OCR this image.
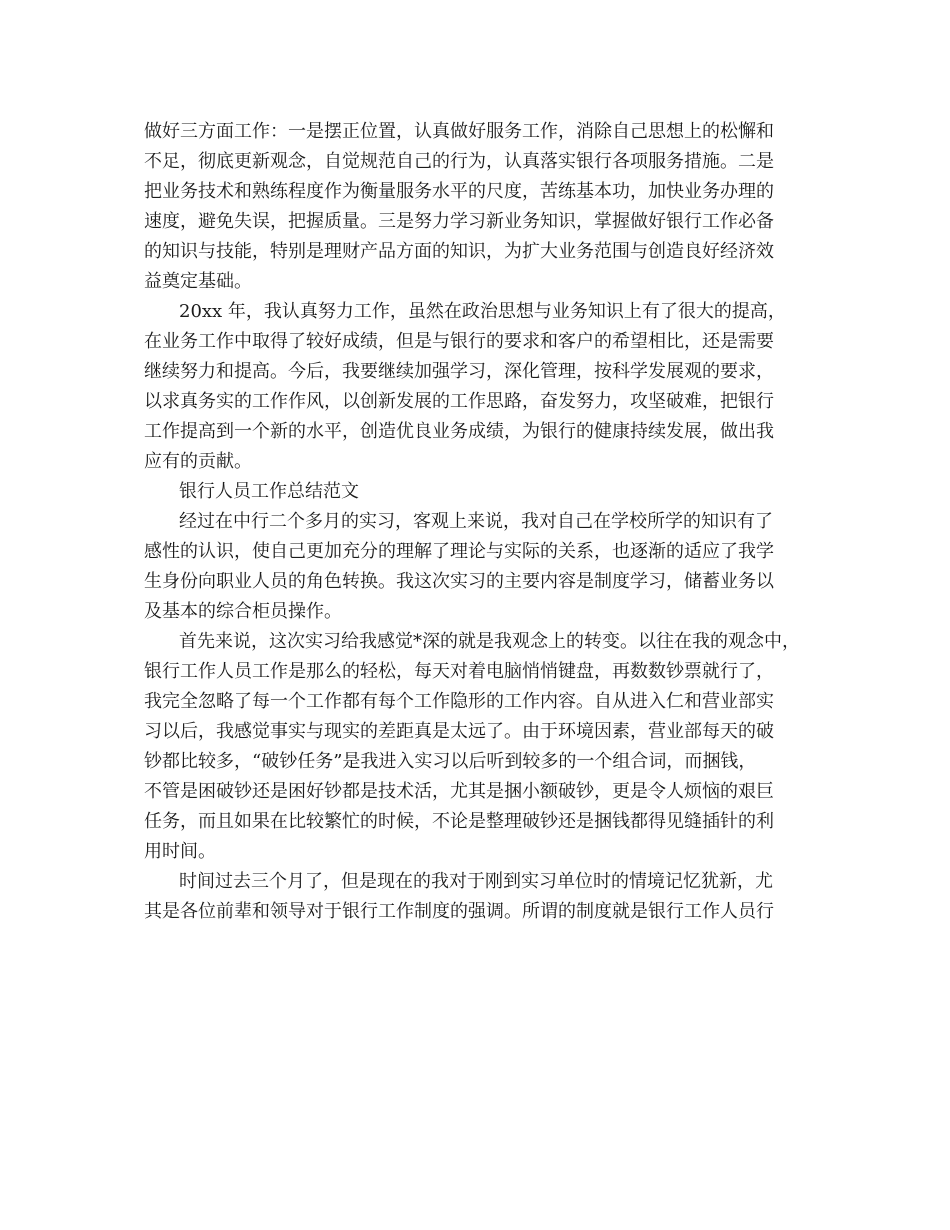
做好三方面工作：一是摆正位置，认真做好服务工作，消除自己思想上的松懈和
不足，彻底更新观念，自觉规范自己的行为，认真落实银行各项服务措施。二是
把业务技术和熟练程度作为衡量服务水平的尺度，苦练基本功，加快业务办理的
速度，避免失误，把握质量。三是努力学习新业务知识，掌握做好银行工作必备
的知识与技能，特别是理财产品方面的知识，为扩大业务范围与创造良好经济效
益奠定基础。
20xx 年，我认真努力工作，虽然在政治思想与业务知识上有了很大的提高，
在业务工作中取得了较好成绩，但是与银行的要求和客户的希望相比，还是需要
继续努力和提高。今后，我要继续加强学习，深化管理，按科学发展观的要求，
以求真务实的工作作风，以创新发展的工作思路，奋发努力，攻坚破难，把银行
工作提高到一个新的水平，创造优良业务成绩，为银行的健康持续发展，做出我
应有的贡献。
银行人员工作总结范文
经过在中行二个多月的实习，客观上来说，我对自己在学校所学的知识有了
感性的认识，使自己更加充分的理解了理论与实际的关系，也逐渐的适应了我学
生身份向职业人员的角色转换。我这次实习的主要内容是制度学习，储蓄业务以
及基本的综合柜员操作。
首先来说，这次实习给我感觉*深的就是我观念上的转变。以往在我的观念中，
银行工作人员工作是那么的轻松，每天对着电脑悄悄键盘，再数数钞票就行了，
我完全忽略了每一个工作都有每个工作隐形的工作内容。自从进入仁和营业部实
习以后，我感觉事实与现实的差距真是太远了。由于环境因素，营业部每天的破
钞都比较多，“破钞任务”是我进入实习以后听到较多的一个组合词，而捆钱，
不管是困破钞还是困好钞都是技术活，尤其是捆小额破钞，更是令人烦恼的艰巨
任务，而且如果在比较繁忙的时候，不论是整理破钞还是捆钱都得见缝插针的利
用时间。
时间过去三个月了，但是现在的我对于刚到实习单位时的情境记忆犹新，尤
其是各位前辈和领导对于银行工作制度的强调。所谓的制度就是银行工作人员行
